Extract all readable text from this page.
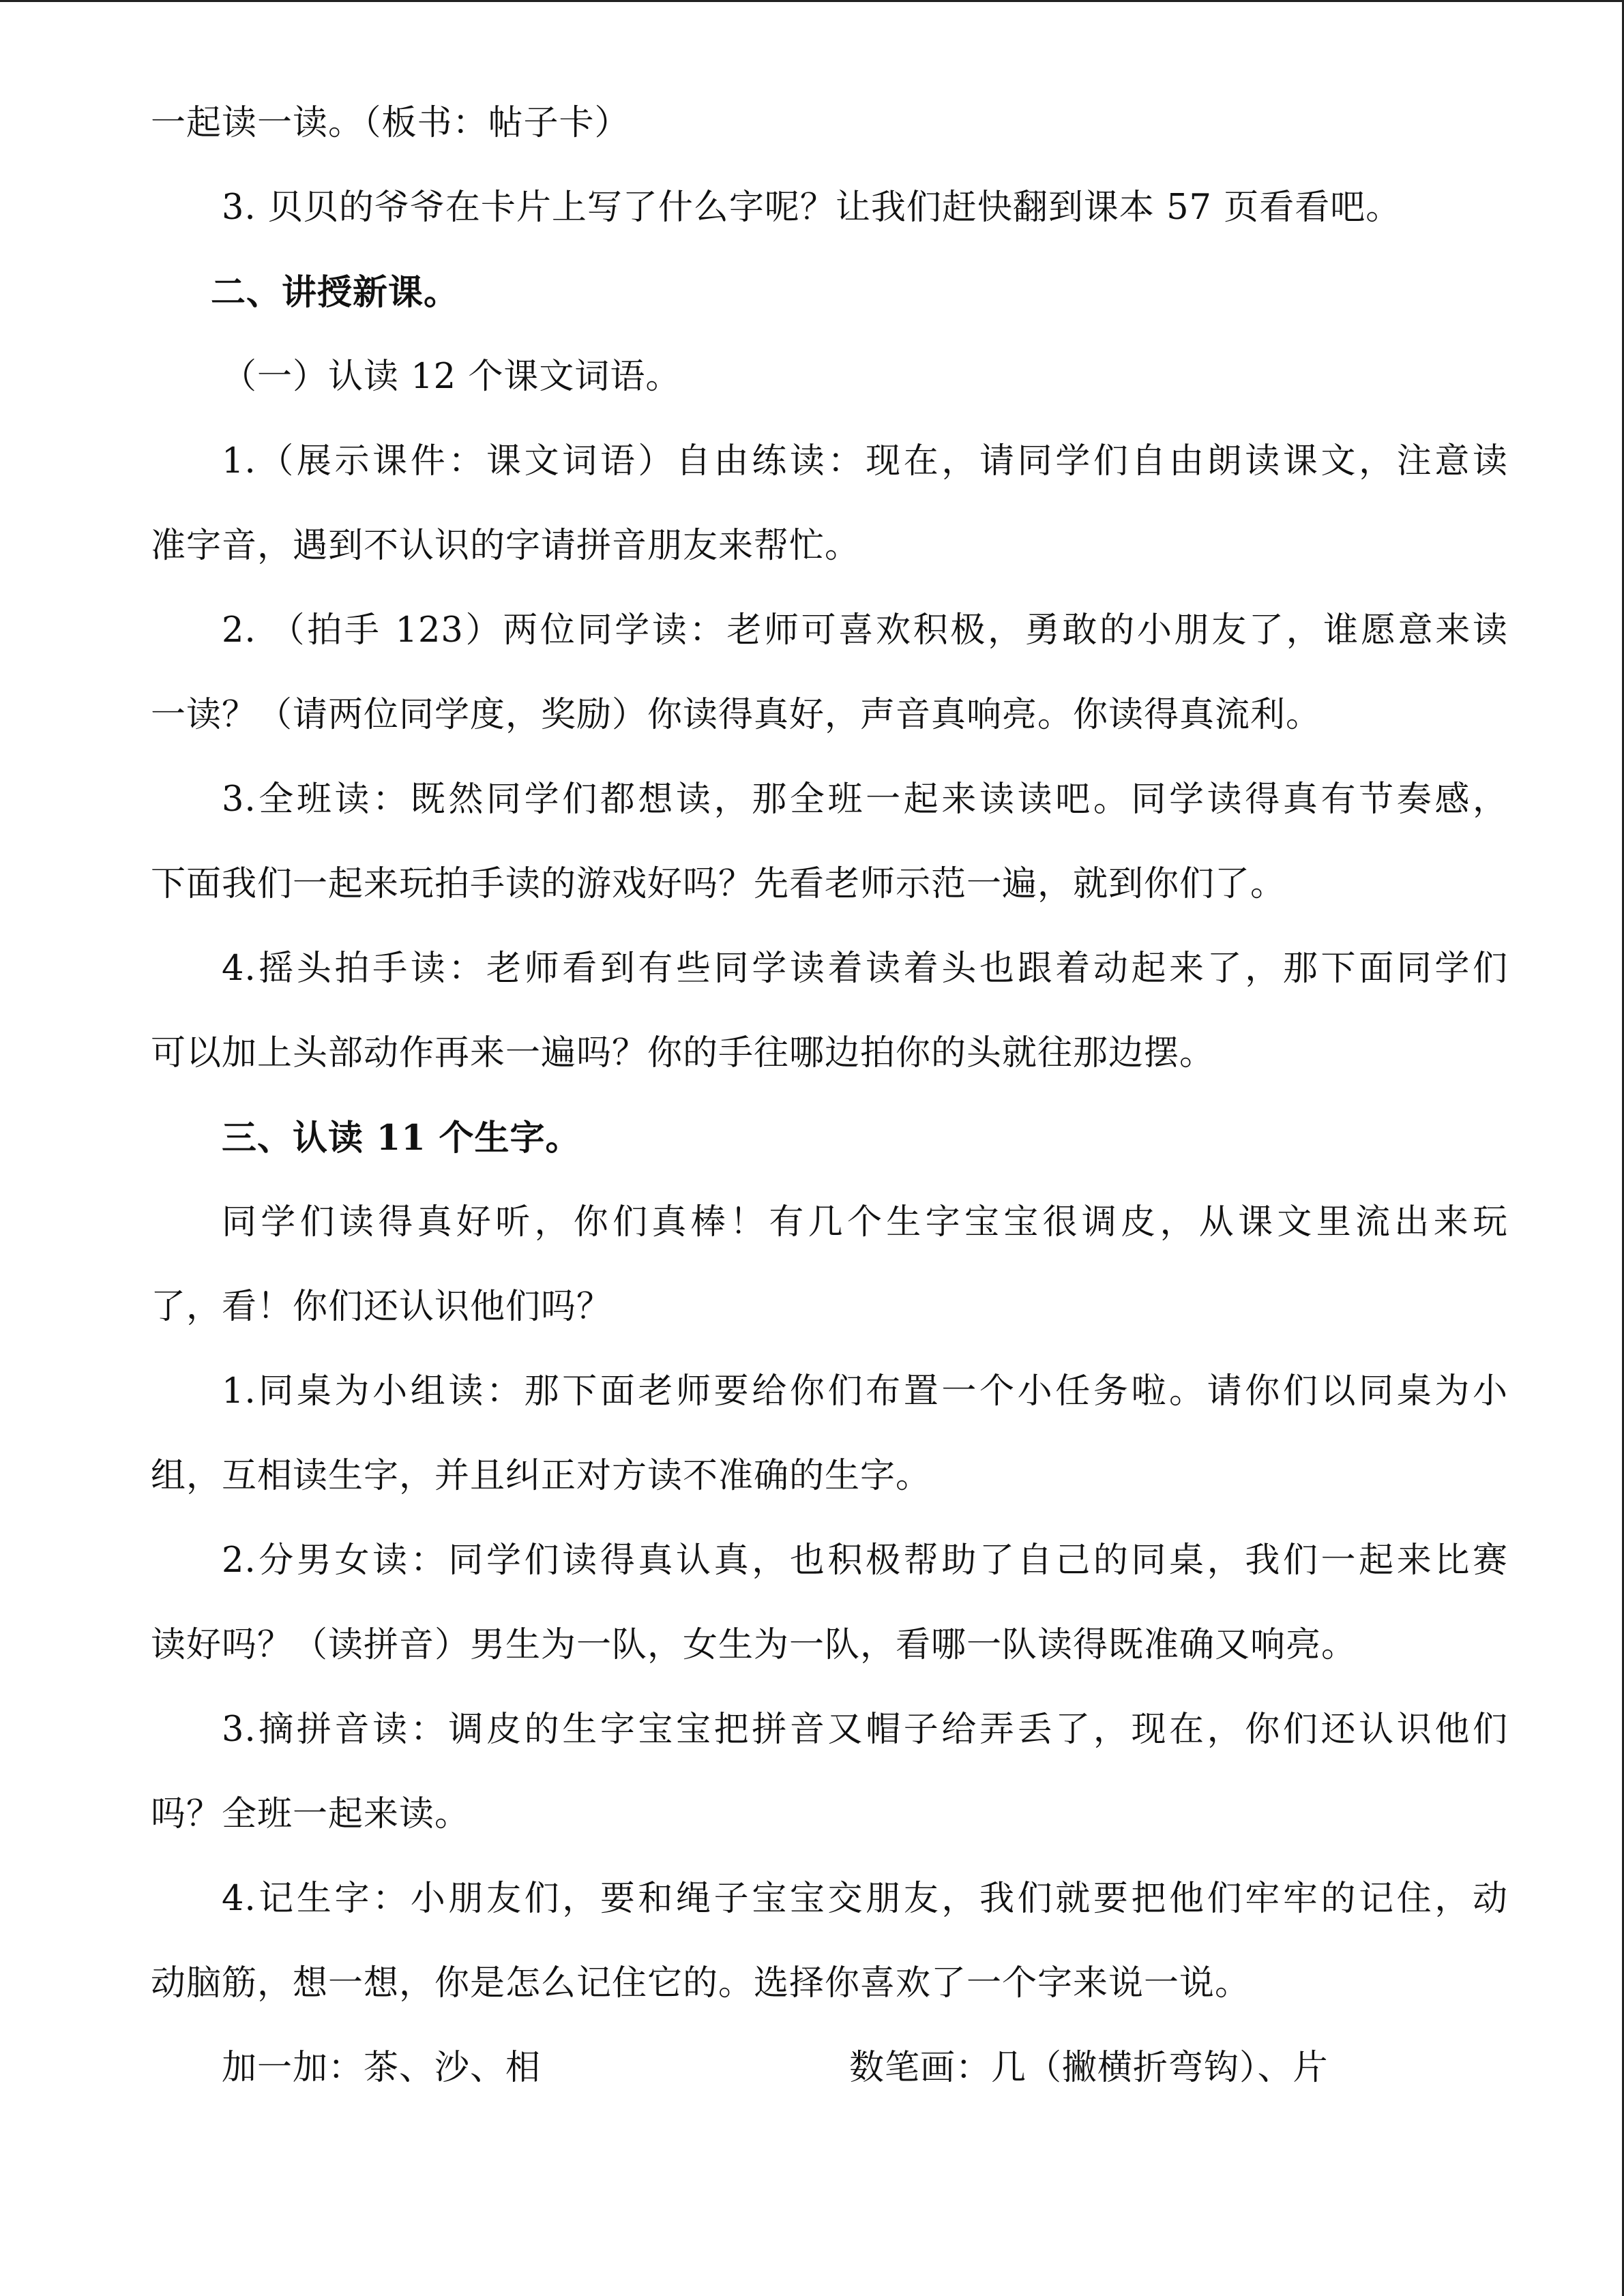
一起读一读。（板书：帖子卡）
3. 贝贝的爷爷在卡片上写了什么字呢？让我们赶快翻到课本 57 页看看吧。
二、讲授新课。
（一）认读 12 个课文词语。
1.（展示课件：课文词语）自由练读：现在，请同学们自由朗读课文，注意读
准字音，遇到不认识的字请拼音朋友来帮忙。
2. （拍手 123）两位同学读：老师可喜欢积极，勇敢的小朋友了，谁愿意来读
一读？（请两位同学度，奖励）你读得真好，声音真响亮。你读得真流利。
3.全班读：既然同学们都想读，那全班一起来读读吧。同学读得真有节奏感，
下面我们一起来玩拍手读的游戏好吗？先看老师示范一遍，就到你们了。
4.摇头拍手读：老师看到有些同学读着读着头也跟着动起来了，那下面同学们
可以加上头部动作再来一遍吗？你的手往哪边拍你的头就往那边摆。
三、认读 11 个生字。
同学们读得真好听，你们真棒！有几个生字宝宝很调皮，从课文里流出来玩
了，看！你们还认识他们吗？
1.同桌为小组读：那下面老师要给你们布置一个小任务啦。请你们以同桌为小
组，互相读生字，并且纠正对方读不准确的生字。
2.分男女读：同学们读得真认真，也积极帮助了自己的同桌，我们一起来比赛
读好吗？（读拼音）男生为一队，女生为一队，看哪一队读得既准确又响亮。
3.摘拼音读：调皮的生字宝宝把拼音又帽子给弄丢了，现在，你们还认识他们
吗？全班一起来读。
4.记生字：小朋友们，要和绳子宝宝交朋友，我们就要把他们牢牢的记住，动
动脑筋，想一想，你是怎么记住它的。选择你喜欢了一个字来说一说。
加一加：茶、沙、相	数笔画：几（撇横折弯钩）、片
